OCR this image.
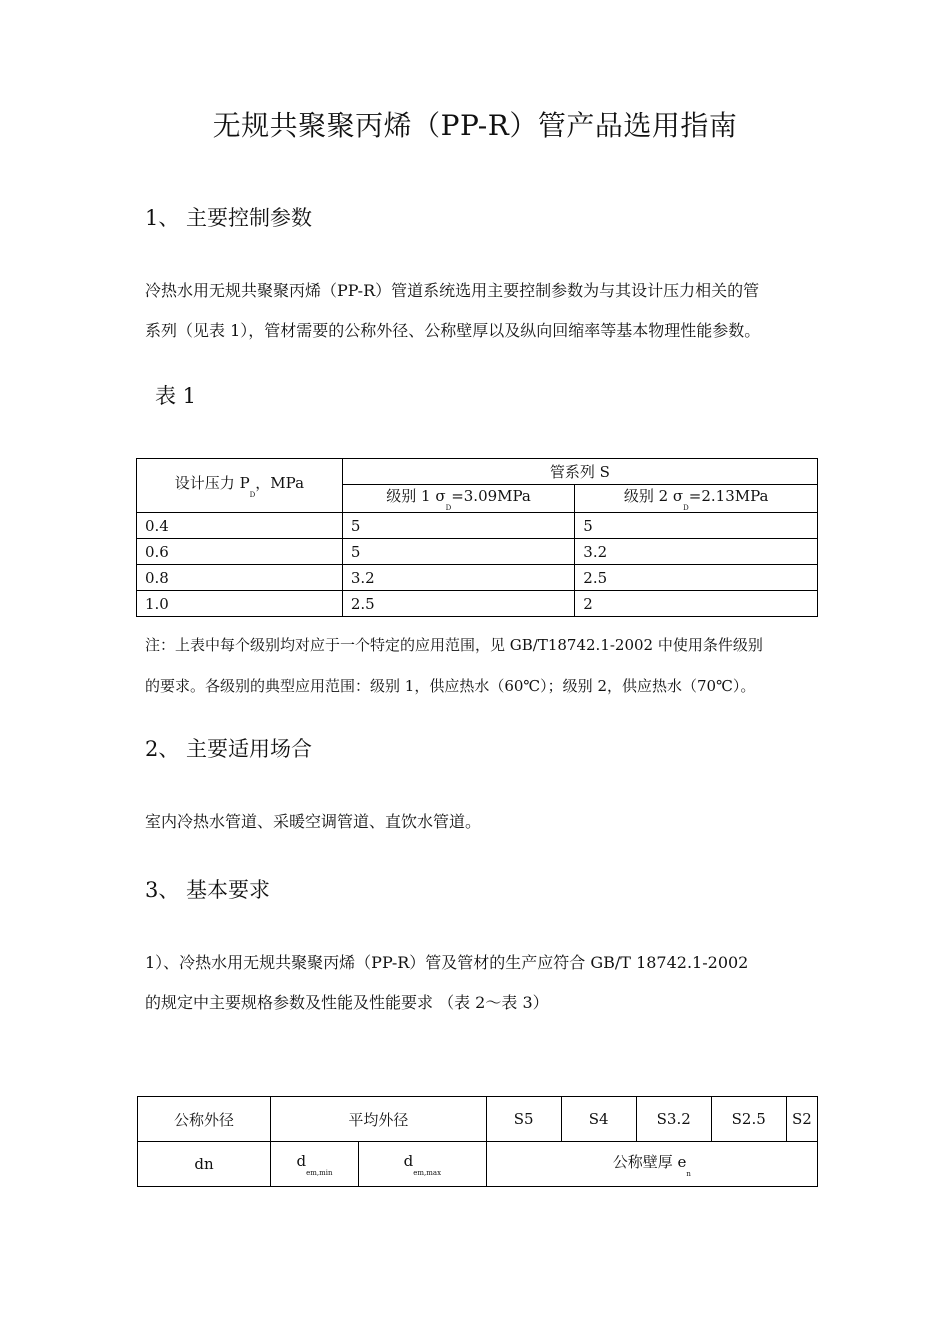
无规共聚聚丙烯（PP-R）管产品选用指南
1、 主要控制参数
冷热水用无规共聚聚丙烯（PP-R）管道系统选用主要控制参数为与其设计压力相关的管
系列（见表 1），管材需要的公称外径、公称壁厚以及纵向回缩率等基本物理性能参数。
表 1
设计压力 $P_D$，MPa	管系列 S	
	级别 1 $\sigma_D=3.09MPa$	级别 2 $\sigma_D=2.13MPa$
0.4	5	5
0.6	5	3.2
0.8	3.2	2.5
1.0	2.5	2
注：上表中每个级别均对应于一个特定的应用范围，见 GB/T18742.1-2002 中使用条件级别
的要求。各级别的典型应用范围：级别 1，供应热水（60℃）；级别 2，供应热水（70℃）。
2、 主要适用场合
室内冷热水管道、采暖空调管道、直饮水管道。
3、 基本要求
1）、冷热水用无规共聚聚丙烯（PP-R）管及管材的生产应符合 GB/T 18742.1-2002
的规定中主要规格参数及性能及性能要求 （表 2～表 3）
公称外径	平均外径		S5	S4	S3.2	S2.5	S2
dn	$d_{em,min}$	$d_{em,max}$	公称壁厚 $e_n$
